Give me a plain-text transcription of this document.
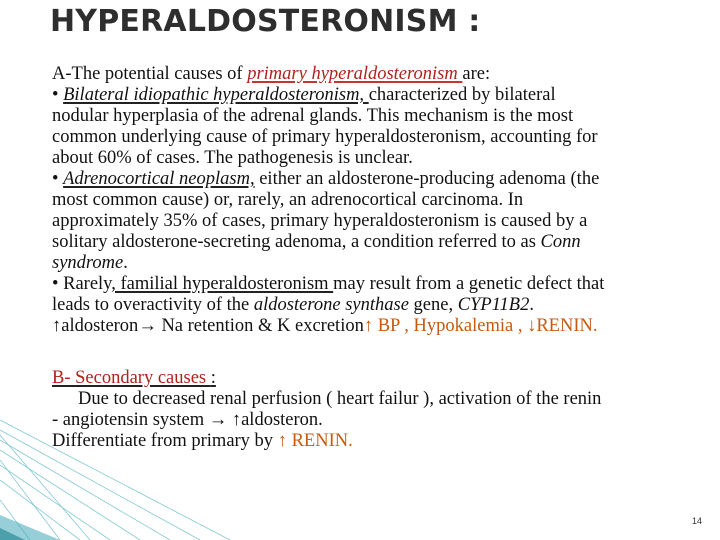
HYPERALDOSTERONISM :
A-The potential causes of primary hyperaldosteronism are:
• Bilateral idiopathic hyperaldosteronism, characterized by bilateral
nodular hyperplasia of the adrenal glands. This mechanism is the most
common underlying cause of primary hyperaldosteronism, accounting for
about 60% of cases. The pathogenesis is unclear.
• Adrenocortical neoplasm, either an aldosterone-producing adenoma (the
most common cause) or, rarely, an adrenocortical carcinoma. In
approximately 35% of cases, primary hyperaldosteronism is caused by a
solitary aldosterone-secreting adenoma, a condition referred to as Conn
syndrome.
• Rarely, familial hyperaldosteronism may result from a genetic defect that
leads to overactivity of the aldosterone synthase gene, CYP11B2.
↑aldosteron→ Na retention & K excretion↑ BP , Hypokalemia , ↓RENIN.
B- Secondary causes :
Due to decreased renal perfusion ( heart failur ), activation of the renin
- angiotensin system → ↑aldosteron.
Differentiate from primary by ↑ RENIN.
14
